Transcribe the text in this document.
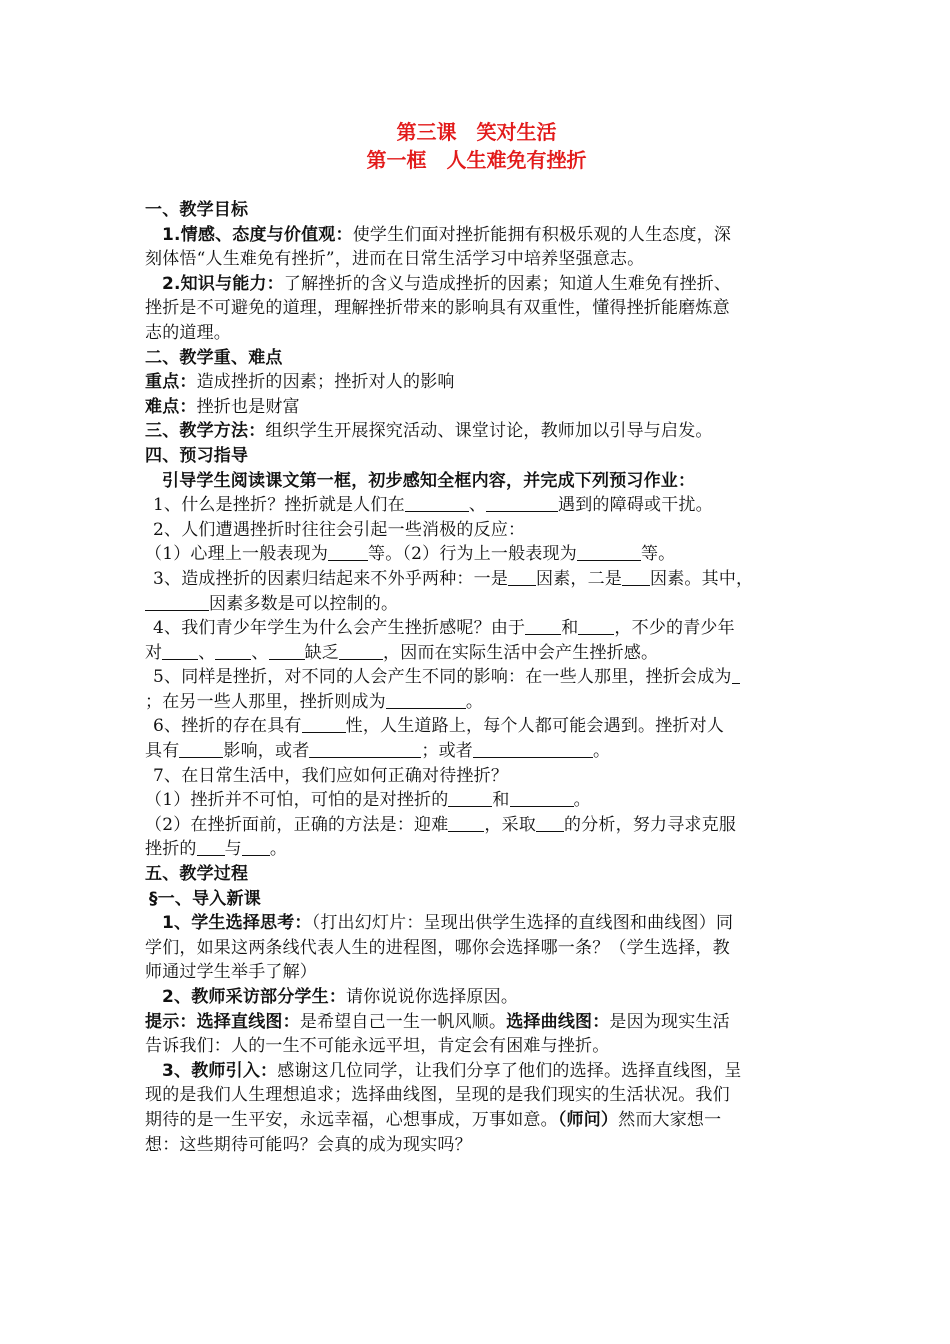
第三课　笑对生活
第一框　人生难免有挫折
一、教学目标
1.情感、态度与价值观：使学生们面对挫折能拥有积极乐观的人生态度，深
刻体悟“人生难免有挫折”，进而在日常生活学习中培养坚强意志。
2.知识与能力：了解挫折的含义与造成挫折的因素；知道人生难免有挫折、
挫折是不可避免的道理，理解挫折带来的影响具有双重性，懂得挫折能磨炼意
志的道理。
二、教学重、难点
重点：造成挫折的因素；挫折对人的影响
难点：挫折也是财富
三、教学方法：组织学生开展探究活动、课堂讨论，教师加以引导与启发。
四、预习指导
引导学生阅读课文第一框，初步感知全框内容，并完成下列预习作业：
1、什么是挫折？挫折就是人们在	、	遇到的障碍或干扰。
2、人们遭遇挫折时往往会引起一些消极的反应：
（1）心理上一般表现为 等。（2）行为上一般表现为	等。
3、造成挫折的因素归结起来不外乎两种：一是 因素，二是 因素。其中，
因素多数是可以控制的。
4、我们青少年学生为什么会产生挫折感呢？由于 和 ，不少的青少年
对 、 、 缺乏	，因而在实际生活中会产生挫折感。
5、同样是挫折，对不同的人会产生不同的影响：在一些人那里，挫折会成为
；在另一些人那里，挫折则成为	。
6、挫折的存在具有	性，人生道路上，每个人都可能会遇到。挫折对人
具有	影响，或者	；或者	。
7、在日常生活中，我们应如何正确对待挫折？
（1）挫折并不可怕，可怕的是对挫折的	和	。
（2）在挫折面前，正确的方法是：迎难 ，采取 的分析，努力寻求克服
挫折的 与 。
五、教学过程
§一、导入新课
1、学生选择思考：（打出幻灯片：呈现出供学生选择的直线图和曲线图）同
学们，如果这两条线代表人生的进程图，哪你会选择哪一条？（学生选择，教
师通过学生举手了解）
2、教师采访部分学生：请你说说你选择原因。
提示：选择直线图：是希望自己一生一帆风顺。选择曲线图：是因为现实生活
告诉我们：人的一生不可能永远平坦，肯定会有困难与挫折。
3、教师引入：感谢这几位同学，让我们分享了他们的选择。选择直线图，呈
现的是我们人生理想追求；选择曲线图，呈现的是我们现实的生活状况。我们
期待的是一生平安，永远幸福，心想事成，万事如意。（师问）然而大家想一
想：这些期待可能吗？会真的成为现实吗？
